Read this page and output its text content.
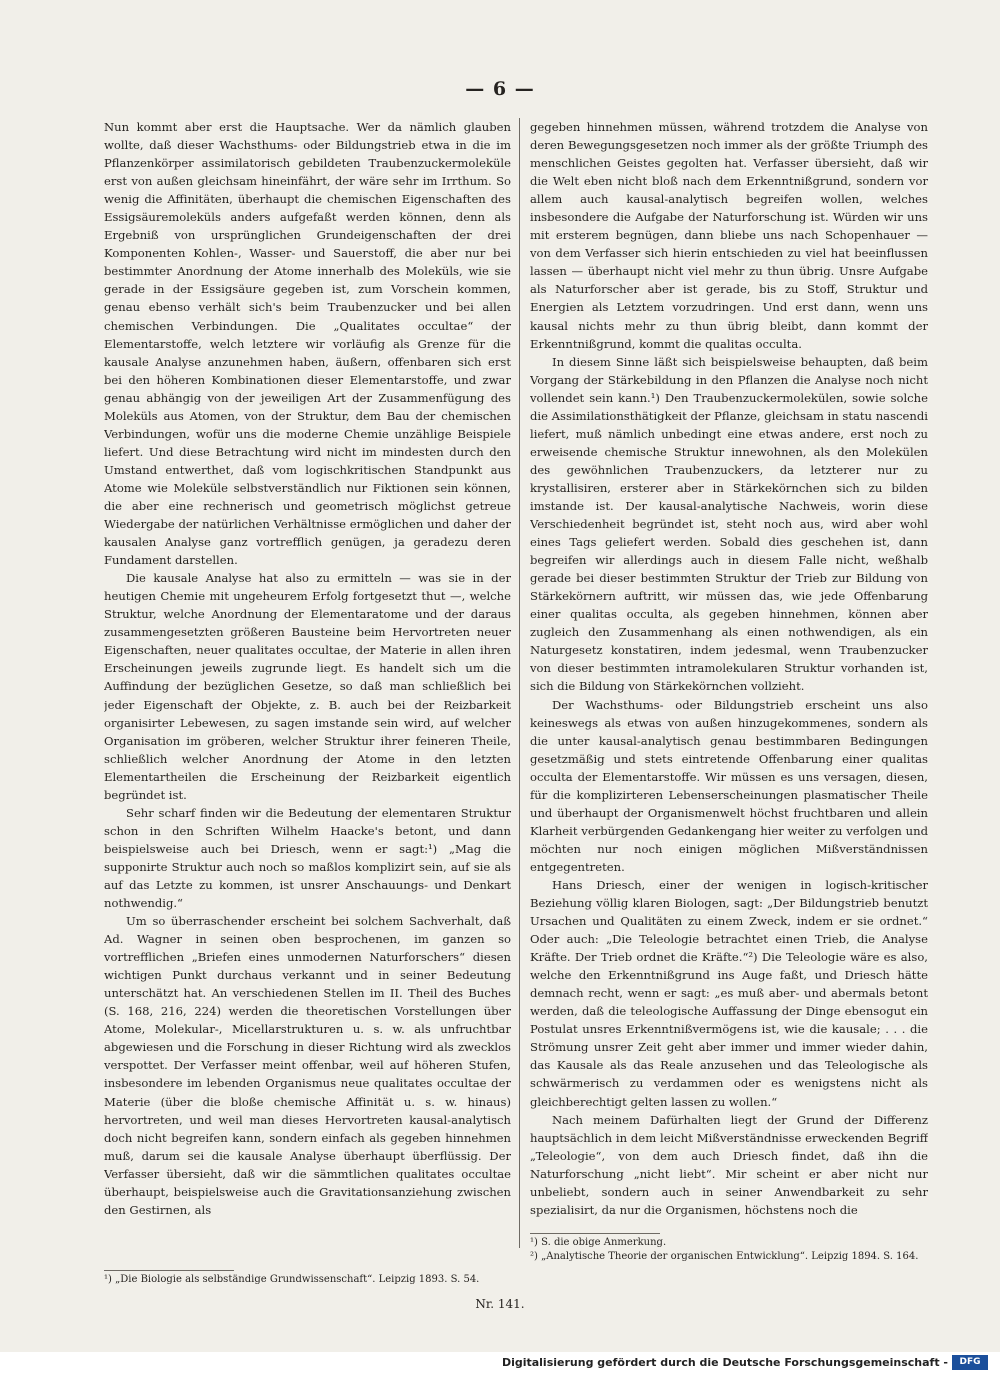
— 6 —

Nun kommt aber erst die Hauptsache. Wer da nämlich glauben wollte, daß dieser Wachsthums- oder Bildungstrieb etwa in die im Pflanzenkörper assimilatorisch gebildeten Traubenzuckermoleküle erst von außen gleichsam hineinfährt, der wäre sehr im Irrthum. So wenig die Affinitäten, überhaupt die chemischen Eigenschaften des Essigsäuremoleküls anders aufgefaßt werden können, denn als Ergebniß von ursprünglichen Grundeigenschaften der drei Komponenten Kohlen-, Wasser- und Sauerstoff, die aber nur bei bestimmter Anordnung der Atome innerhalb des Moleküls, wie sie gerade in der Essigsäure gegeben ist, zum Vorschein kommen, genau ebenso verhält sich's beim Traubenzucker und bei allen chemischen Verbindungen. Die „Qualitates occultae“ der Elementarstoffe, welch letztere wir vorläufig als Grenze für die kausale Analyse anzunehmen haben, äußern, offenbaren sich erst bei den höheren Kombinationen dieser Elementarstoffe, und zwar genau abhängig von der jeweiligen Art der Zusammenfügung des Moleküls aus Atomen, von der Struktur, dem Bau der chemischen Verbindungen, wofür uns die moderne Chemie unzählige Beispiele liefert. Und diese Betrachtung wird nicht im mindesten durch den Umstand entwerthet, daß vom logischkritischen Standpunkt aus Atome wie Moleküle selbstverständlich nur Fiktionen sein können, die aber eine rechnerisch und geometrisch möglichst getreue Wiedergabe der natürlichen Verhältnisse ermöglichen und daher der kausalen Analyse ganz vortrefflich genügen, ja geradezu deren Fundament darstellen.

Die kausale Analyse hat also zu ermitteln — was sie in der heutigen Chemie mit ungeheurem Erfolg fortgesetzt thut —, welche Struktur, welche Anordnung der Elementaratome und der daraus zusammengesetzten größeren Bausteine beim Hervortreten neuer Eigenschaften, neuer qualitates occultae, der Materie in allen ihren Erscheinungen jeweils zugrunde liegt. Es handelt sich um die Auffindung der bezüglichen Gesetze, so daß man schließlich bei jeder Eigenschaft der Objekte, z. B. auch bei der Reizbarkeit organisirter Lebewesen, zu sagen imstande sein wird, auf welcher Organisation im gröberen, welcher Struktur ihrer feineren Theile, schließlich welcher Anordnung der Atome in den letzten Elementartheilen die Erscheinung der Reizbarkeit eigentlich begründet ist.

Sehr scharf finden wir die Bedeutung der elementaren Struktur schon in den Schriften Wilhelm Haacke's betont, und dann beispielsweise auch bei Driesch, wenn er sagt:¹) „Mag die supponirte Struktur auch noch so maßlos komplizirt sein, auf sie als auf das Letzte zu kommen, ist unsrer Anschauungs- und Denkart nothwendig.“

Um so überraschender erscheint bei solchem Sachverhalt, daß Ad. Wagner in seinen oben besprochenen, im ganzen so vortrefflichen „Briefen eines unmodernen Naturforschers“ diesen wichtigen Punkt durchaus verkannt und in seiner Bedeutung unterschätzt hat. An verschiedenen Stellen im II. Theil des Buches (S. 168, 216, 224) werden die theoretischen Vorstellungen über Atome, Molekular-, Micellarstrukturen u. s. w. als unfruchtbar abgewiesen und die Forschung in dieser Richtung wird als zwecklos verspottet. Der Verfasser meint offenbar, weil auf höheren Stufen, insbesondere im lebenden Organismus neue qualitates occultae der Materie (über die bloße chemische Affinität u. s. w. hinaus) hervortreten, und weil man dieses Hervortreten kausal-analytisch doch nicht begreifen kann, sondern einfach als gegeben hinnehmen muß, darum sei die kausale Analyse überhaupt überflüssig. Der Verfasser übersieht, daß wir die sämmtlichen qualitates occultae überhaupt, beispielsweise auch die Gravitationsanziehung zwischen den Gestirnen, als

gegeben hinnehmen müssen, während trotzdem die Analyse von deren Bewegungsgesetzen noch immer als der größte Triumph des menschlichen Geistes gegolten hat. Verfasser übersieht, daß wir die Welt eben nicht bloß nach dem Erkenntnißgrund, sondern vor allem auch kausal-analytisch begreifen wollen, welches insbesondere die Aufgabe der Naturforschung ist. Würden wir uns mit ersterem begnügen, dann bliebe uns nach Schopenhauer — von dem Verfasser sich hierin entschieden zu viel hat beeinflussen lassen — überhaupt nicht viel mehr zu thun übrig. Unsre Aufgabe als Naturforscher aber ist gerade, bis zu Stoff, Struktur und Energien als Letztem vorzudringen. Und erst dann, wenn uns kausal nichts mehr zu thun übrig bleibt, dann kommt der Erkenntnißgrund, kommt die qualitas occulta.

In diesem Sinne läßt sich beispielsweise behaupten, daß beim Vorgang der Stärkebildung in den Pflanzen die Analyse noch nicht vollendet sein kann.¹) Den Traubenzuckermolekülen, sowie solche die Assimilationsthätigkeit der Pflanze, gleichsam in statu nascendi liefert, muß nämlich unbedingt eine etwas andere, erst noch zu erweisende chemische Struktur innewohnen, als den Molekülen des gewöhnlichen Traubenzuckers, da letzterer nur zu krystallisiren, ersterer aber in Stärkekörnchen sich zu bilden imstande ist. Der kausal-analytische Nachweis, worin diese Verschiedenheit begründet ist, steht noch aus, wird aber wohl eines Tags geliefert werden. Sobald dies geschehen ist, dann begreifen wir allerdings auch in diesem Falle nicht, weßhalb gerade bei dieser bestimmten Struktur der Trieb zur Bildung von Stärkekörnern auftritt, wir müssen das, wie jede Offenbarung einer qualitas occulta, als gegeben hinnehmen, können aber zugleich den Zusammenhang als einen nothwendigen, als ein Naturgesetz konstatiren, indem jedesmal, wenn Traubenzucker von dieser bestimmten intramolekularen Struktur vorhanden ist, sich die Bildung von Stärkekörnchen vollzieht.

Der Wachsthums- oder Bildungstrieb erscheint uns also keineswegs als etwas von außen hinzugekommenes, sondern als die unter kausal-analytisch genau bestimmbaren Bedingungen gesetzmäßig und stets eintretende Offenbarung einer qualitas occulta der Elementarstoffe. Wir müssen es uns versagen, diesen, für die komplizirteren Lebenserscheinungen plasmatischer Theile und überhaupt der Organismenwelt höchst fruchtbaren und allein Klarheit verbürgenden Gedankengang hier weiter zu verfolgen und möchten nur noch einigen möglichen Mißverständnissen entgegentreten.

Hans Driesch, einer der wenigen in logisch-kritischer Beziehung völlig klaren Biologen, sagt: „Der Bildungstrieb benutzt Ursachen und Qualitäten zu einem Zweck, indem er sie ordnet.“ Oder auch: „Die Teleologie betrachtet einen Trieb, die Analyse Kräfte. Der Trieb ordnet die Kräfte.“²) Die Teleologie wäre es also, welche den Erkenntnißgrund ins Auge faßt, und Driesch hätte demnach recht, wenn er sagt: „es muß aber- und abermals betont werden, daß die teleologische Auffassung der Dinge ebensogut ein Postulat unsres Erkenntnißvermögens ist, wie die kausale; . . . die Strömung unsrer Zeit geht aber immer und immer wieder dahin, das Kausale als das Reale anzusehen und das Teleologische als schwärmerisch zu verdammen oder es wenigstens nicht als gleichberechtigt gelten lassen zu wollen.“

Nach meinem Dafürhalten liegt der Grund der Differenz hauptsächlich in dem leicht Mißverständnisse erweckenden Begriff „Teleologie“, von dem auch Driesch findet, daß ihn die Naturforschung „nicht liebt“. Mir scheint er aber nicht nur unbeliebt, sondern auch in seiner Anwendbarkeit zu sehr spezialisirt, da nur die Organismen, höchstens noch die

¹) „Die Biologie als selbständige Grundwissenschaft“. Leipzig 1893. S. 54.
¹) S. die obige Anmerkung.
²) „Analytische Theorie der organischen Entwicklung“. Leipzig 1894. S. 164.
Nr. 141.
Digitalisierung gefördert durch die Deutsche Forschungsgemeinschaft -	DFG
